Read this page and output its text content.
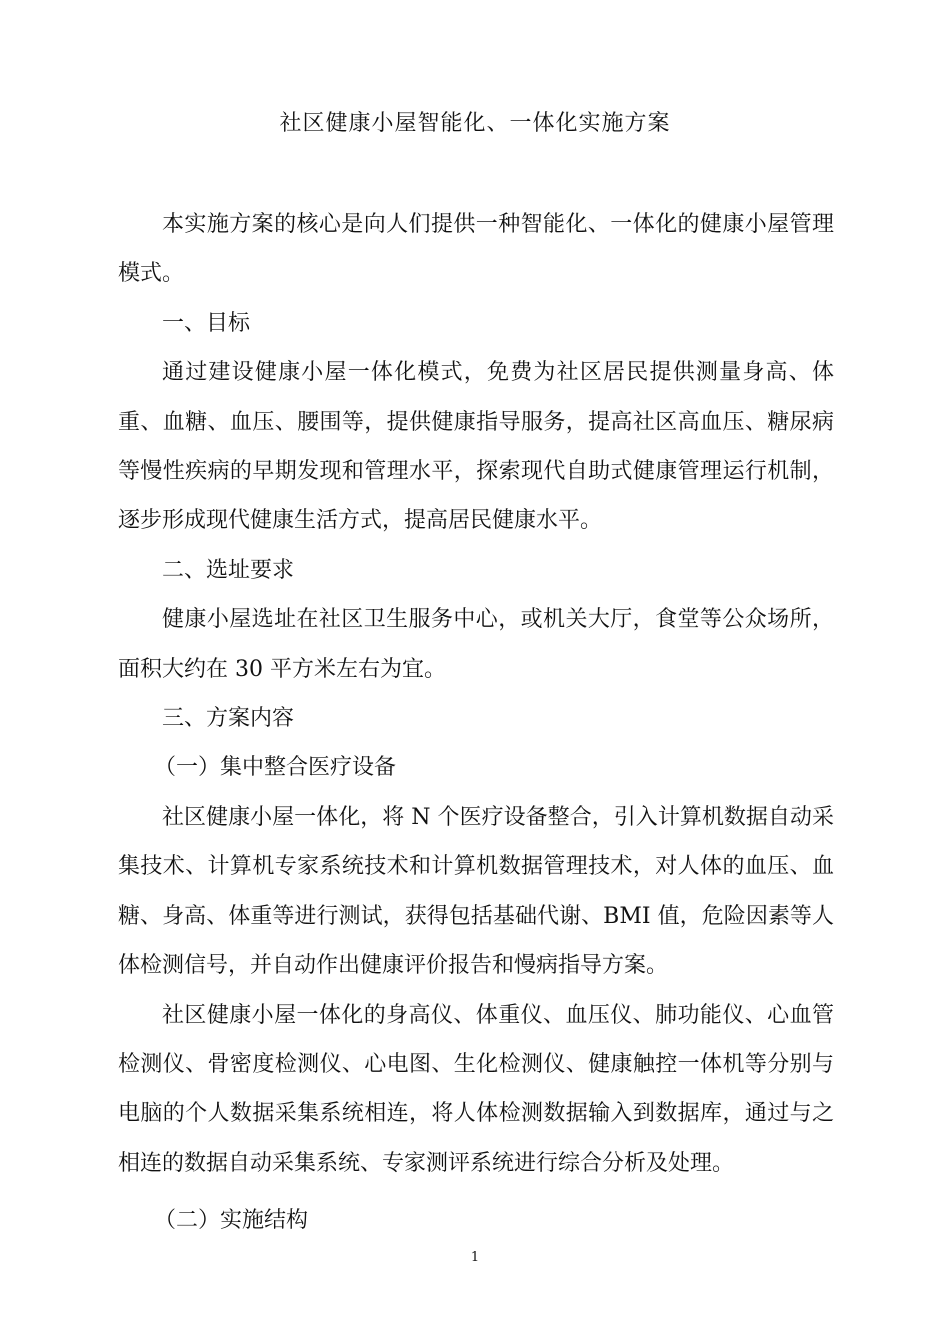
社区健康小屋智能化、一体化实施方案

本实施方案的核心是向人们提供一种智能化、一体化的健康小屋管理模式。

一、目标

通过建设健康小屋一体化模式，免费为社区居民提供测量身高、体重、血糖、血压、腰围等，提供健康指导服务，提高社区高血压、糖尿病等慢性疾病的早期发现和管理水平，探索现代自助式健康管理运行机制，逐步形成现代健康生活方式，提高居民健康水平。

二、选址要求

健康小屋选址在社区卫生服务中心，或机关大厅，食堂等公众场所，面积大约在 30 平方米左右为宜。

三、方案内容

（一）集中整合医疗设备

社区健康小屋一体化，将 N 个医疗设备整合，引入计算机数据自动采集技术、计算机专家系统技术和计算机数据管理技术，对人体的血压、血糖、身高、体重等进行测试，获得包括基础代谢、BMI 值，危险因素等人体检测信号，并自动作出健康评价报告和慢病指导方案。

社区健康小屋一体化的身高仪、体重仪、血压仪、肺功能仪、心血管检测仪、骨密度检测仪、心电图、生化检测仪、健康触控一体机等分别与电脑的个人数据采集系统相连，将人体检测数据输入到数据库，通过与之相连的数据自动采集系统、专家测评系统进行综合分析及处理。

（二）实施结构

1
